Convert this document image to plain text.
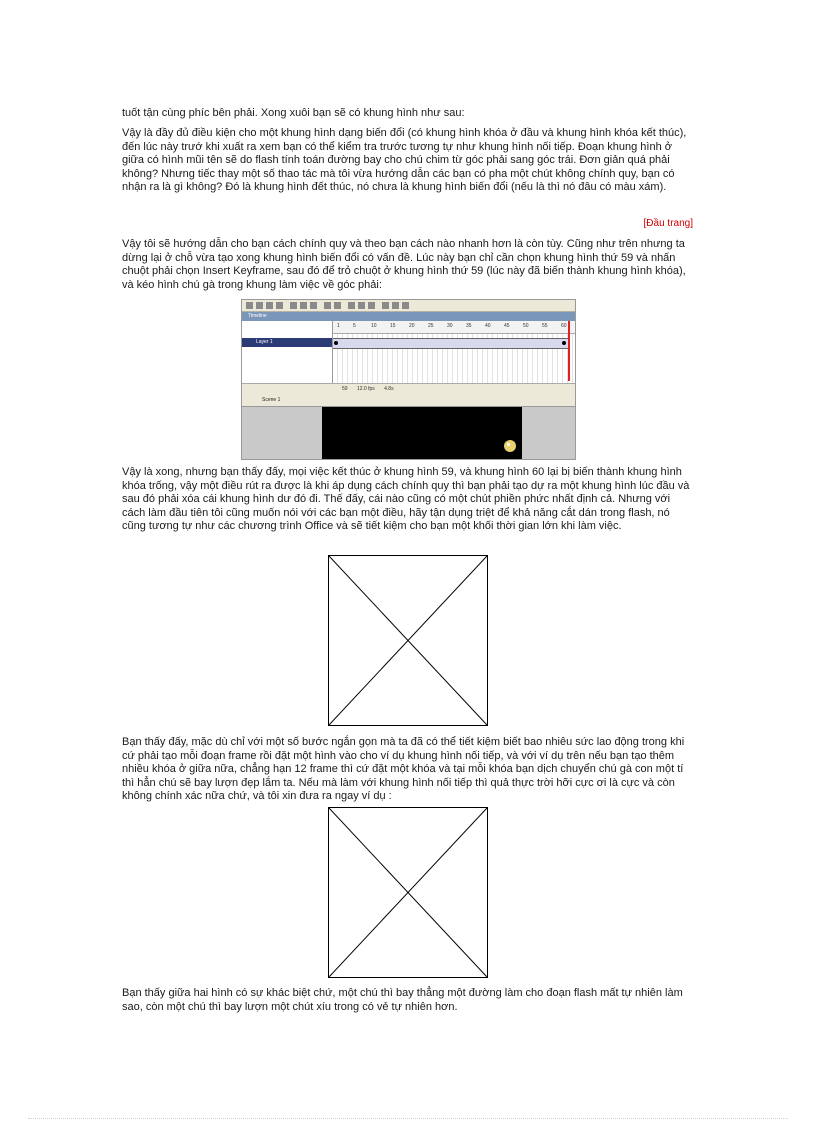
tuốt tận cùng phíc bên phải. Xong xuôi bạn sẽ có khung hình như sau:

Vậy là đầy đủ điều kiện cho một khung hình dạng biến đổi (có khung hình khóa ở đầu và khung hình khóa kết thúc), đến lúc này trướ khi xuất ra xem bạn có thể kiểm tra trước tương tự như khung hình nối tiếp. Đoạn khung hình ở giữa có hình mũi tên sẽ do flash tính toán đường bay cho chú chim từ góc phải sang góc trái. Đơn giản quá phải không? Nhưng tiếc thay một số thao tác mà tôi vừa hướng dẫn các bạn có pha một chút không chính quy, bạn có nhận ra là gì không? Đó là khung hình đết thúc, nó chưa là khung hình biến đổi (nếu là thì nó đâu có màu xám).

[Đầu trang]

Vậy tôi sẽ hướng dẫn cho bạn cách chính quy và theo bạn cách nào nhanh hơn là còn tùy. Cũng như trên nhưng ta dừng lại ở chỗ vừa tạo xong khung hình biến đổi có vấn đề. Lúc này bạn chỉ cần chọn khung hình thứ 59 và nhấn chuột phải chọn Insert Keyframe, sau đó để trỏ chuột ở khung hình thứ 59 (lúc này đã biến thành khung hình khóa), và kéo hình chú gà trong khung làm việc về góc phải:

Timeline
Layer 1
1	5	10	15	20	25	30	35	40	45	50	55	60
59 12.0 fps 4.8s
Scene 1

Vậy là xong, nhưng bạn thấy đấy, mọi việc kết thúc ở khung hình 59, và khung hình 60 lại bị biến thành khung hình khóa trống, vậy một điều rút ra được là khi áp dụng cách chính quy thì bạn phải tạo dự ra một khung hình lúc đầu và sau đó phải xóa cái khung hình dư đó đi. Thế đấy, cái nào cũng có một chút phiền phức nhất định cả. Nhưng với cách làm đầu tiên tôi cũng muốn nói với các bạn một điều, hãy tận dụng triệt để khả năng cắt dán trong flash, nó cũng tương tự như các chương trình Office và sẽ tiết kiệm cho bạn một khối thời gian lớn khi làm việc.

Bạn thấy đấy, mặc dù chỉ với một số bước ngắn gọn mà ta đã có thể tiết kiệm biết bao nhiêu sức lao động trong khi cứ phải tạo mỗi đoạn frame rồi đặt một hình vào cho ví dụ khung hình nối tiếp, và với ví dụ trên nếu bạn tạo thêm nhiều khóa ở giữa nữa, chẳng hạn 12 frame thì cứ đặt một khóa và tại mỗi khóa bạn dịch chuyển chú gà con một tí thì hẳn chú sẽ bay lượn đẹp lắm ta. Nếu mà làm với khung hình nối tiếp thì quả thực trời hỡi cực ơi là cực và còn không chính xác nữa chứ, và tôi xin đưa ra ngay ví dụ :

Bạn thấy giữa hai hình có sự khác biệt chứ, một chú thì bay thẳng một đường làm cho đoạn flash mất tự nhiên làm sao, còn một chú thì bay lượn một chút xíu trong có vẻ tự nhiên hơn.
